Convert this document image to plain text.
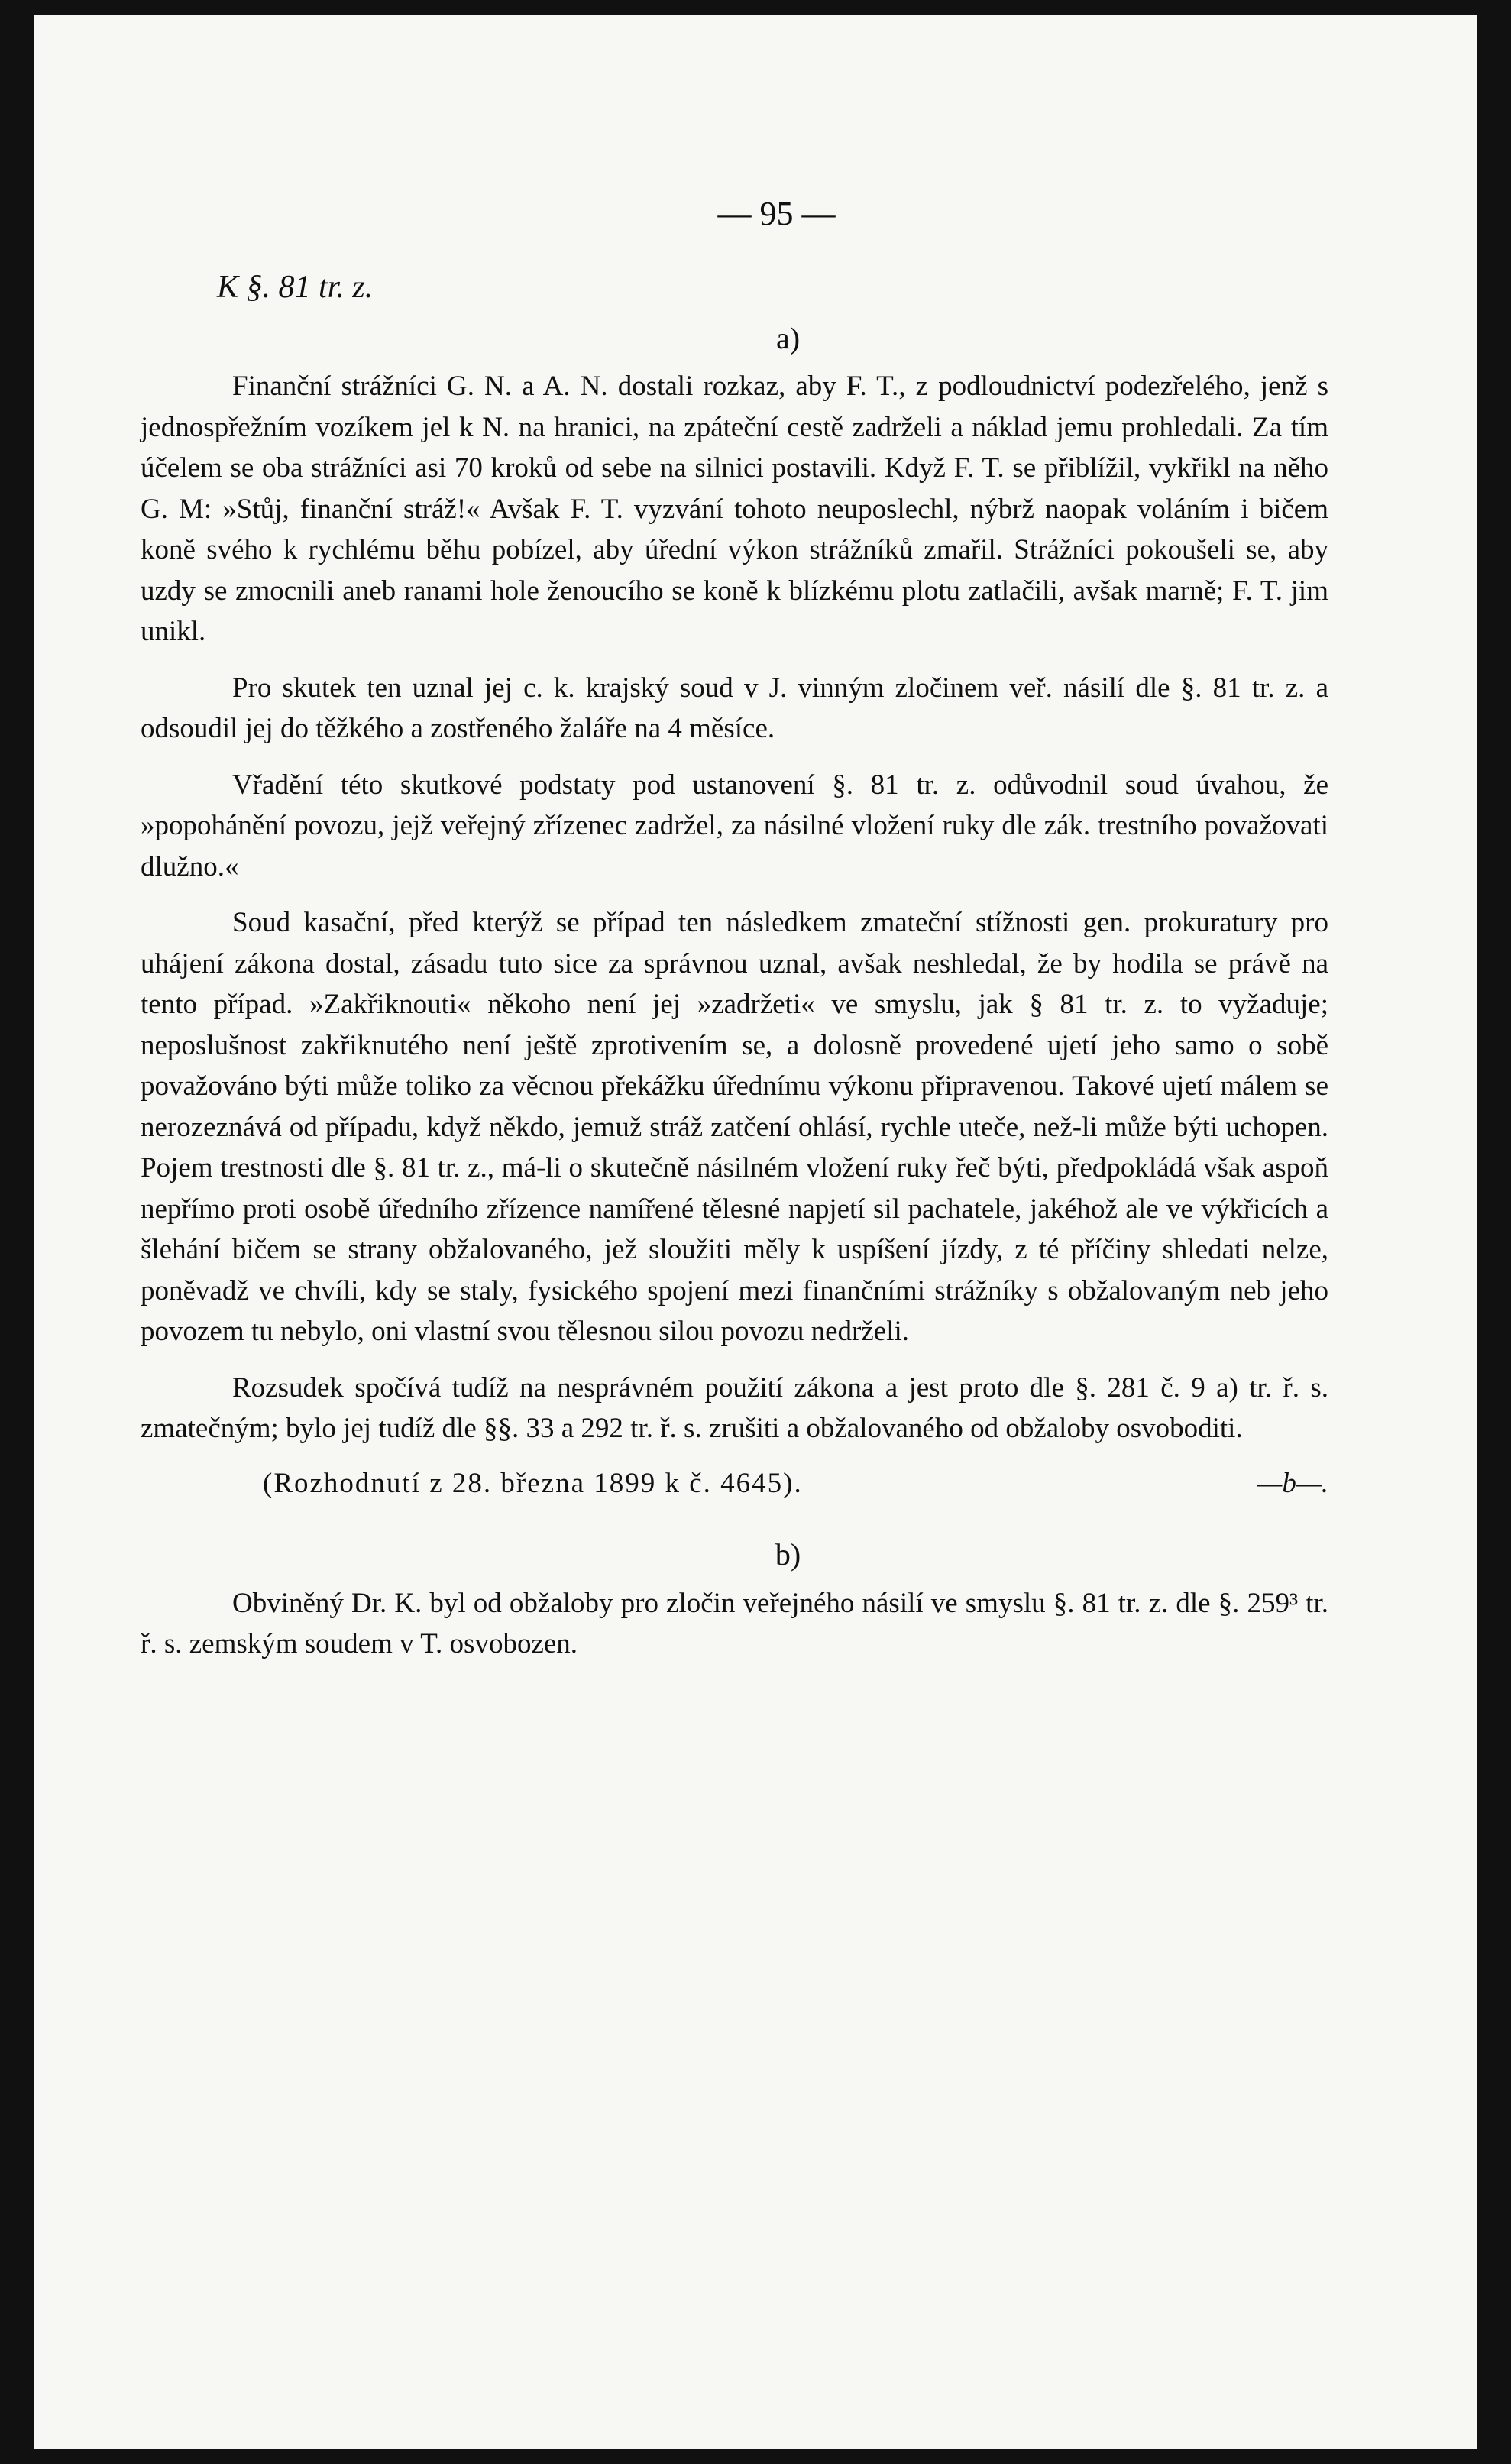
— 95 —
K §. 81 tr. z.
a)

Finanční strážníci G. N. a A. N. dostali rozkaz, aby F. T., z podloudnictví podezřelého, jenž s jednospřežním vozíkem jel k N. na hranici, na zpáteční cestě zadrželi a náklad jemu prohledali. Za tím účelem se oba strážníci asi 70 kroků od sebe na silnici postavili. Když F. T. se přiblížil, vykřikl na něho G. M: »Stůj, finanční stráž!« Avšak F. T. vyzvání tohoto neuposlechl, nýbrž naopak voláním i bičem koně svého k rychlému běhu pobízel, aby úřední výkon strážníků zmařil. Strážníci pokoušeli se, aby uzdy se zmocnili aneb ranami hole ženoucího se koně k blízkému plotu zatlačili, avšak marně; F. T. jim unikl.

Pro skutek ten uznal jej c. k. krajský soud v J. vinným zločinem veř. násilí dle §. 81 tr. z. a odsoudil jej do těžkého a zostřeného žaláře na 4 měsíce.

Vřadění této skutkové podstaty pod ustanovení §. 81 tr. z. odůvodnil soud úvahou, že »popohánění povozu, jejž veřejný zřízenec zadržel, za násilné vložení ruky dle zák. trestního považovati dlužno.«

Soud kasační, před kterýž se případ ten následkem zmateční stížnosti gen. prokuratury pro uhájení zákona dostal, zásadu tuto sice za správnou uznal, avšak neshledal, že by hodila se právě na tento případ. »Zakřiknouti« někoho není jej »zadržeti« ve smyslu, jak § 81 tr. z. to vyžaduje; neposlušnost zakřiknutého není ještě zprotivením se, a dolosně provedené ujetí jeho samo o sobě považováno býti může toliko za věcnou překážku úřednímu výkonu připravenou. Takové ujetí málem se nerozeznává od případu, když někdo, jemuž stráž zatčení ohlásí, rychle uteče, než-li může býti uchopen. Pojem trestnosti dle §. 81 tr. z., má-li o skutečně násilném vložení ruky řeč býti, předpokládá však aspoň nepřímo proti osobě úředního zřízence namířené tělesné napjetí sil pachatele, jakéhož ale ve výkřicích a šlehání bičem se strany obžalovaného, jež sloužiti měly k uspíšení jízdy, z té příčiny shledati nelze, poněvadž ve chvíli, kdy se staly, fysického spojení mezi finančními strážníky s obžalovaným neb jeho povozem tu nebylo, oni vlastní svou tělesnou silou povozu nedrželi.

Rozsudek spočívá tudíž na nesprávném použití zákona a jest proto dle §. 281 č. 9 a) tr. ř. s. zmatečným; bylo jej tudíž dle §§. 33 a 292 tr. ř. s. zrušiti a obžalovaného od obžaloby osvoboditi.

(Rozhodnutí z 28. března 1899 k č. 4645).	—b—.
b)

Obviněný Dr. K. byl od obžaloby pro zločin veřejného násilí ve smyslu §. 81 tr. z. dle §. 259³ tr. ř. s. zemským soudem v T. osvobozen.
